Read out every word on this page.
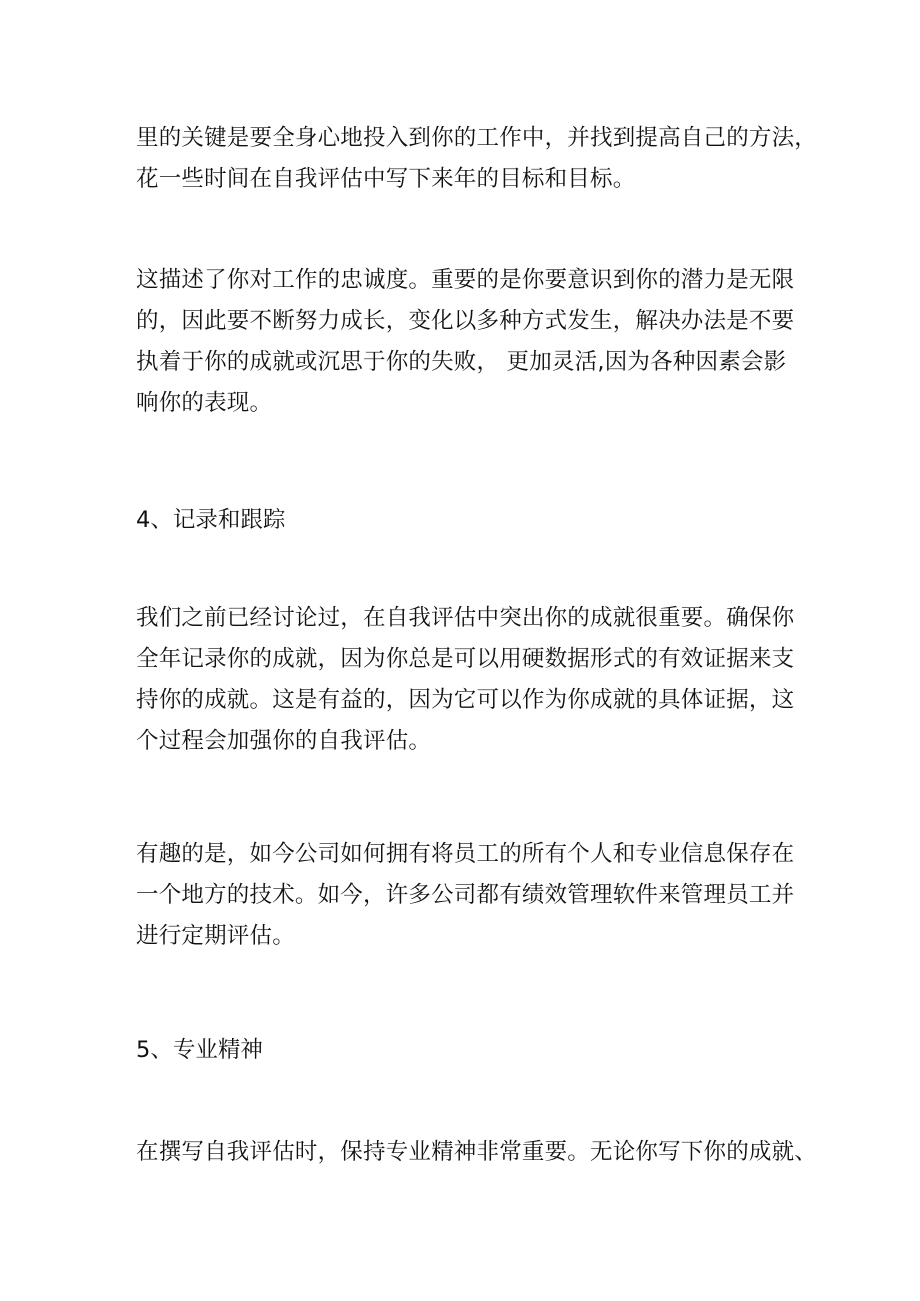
里的关键是要全身心地投入到你的工作中，并找到提高自己的方法，
花一些时间在自我评估中写下来年的目标和目标。

这描述了你对工作的忠诚度。重要的是你要意识到你的潜力是无限
的，因此要不断努力成长，变化以多种方式发生，解决办法是不要
执着于你的成就或沉思于你的失败， 更加灵活,因为各种因素会影
响你的表现。

4、记录和跟踪

我们之前已经讨论过，在自我评估中突出你的成就很重要。确保你
全年记录你的成就，因为你总是可以用硬数据形式的有效证据来支
持你的成就。这是有益的，因为它可以作为你成就的具体证据，这
个过程会加强你的自我评估。

有趣的是，如今公司如何拥有将员工的所有个人和专业信息保存在
一个地方的技术。如今，许多公司都有绩效管理软件来管理员工并
进行定期评估。

5、专业精神

在撰写自我评估时，保持专业精神非常重要。无论你写下你的成就、
